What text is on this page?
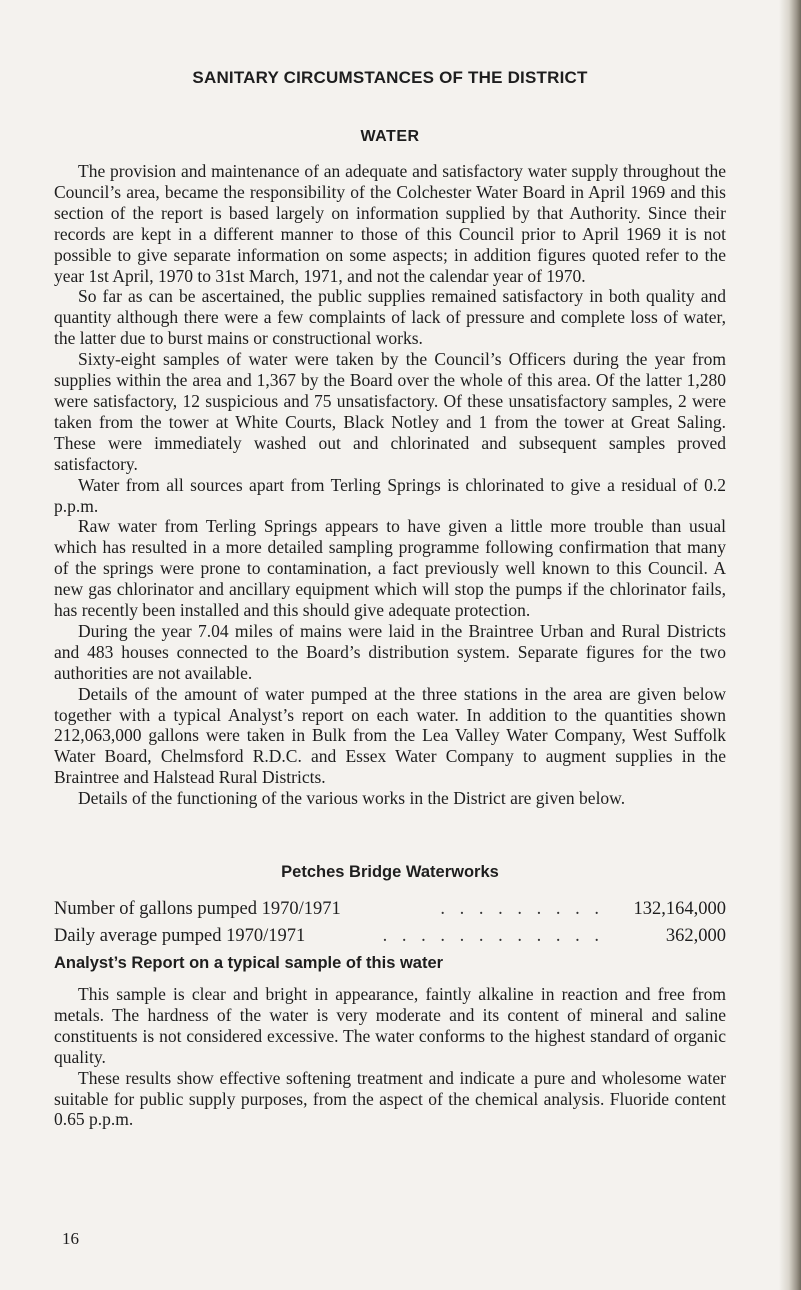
SANITARY CIRCUMSTANCES OF THE DISTRICT
WATER

The provision and maintenance of an adequate and satisfactory water supply throughout the Council’s area, became the responsibility of the Colchester Water Board in April 1969 and this section of the report is based largely on information supplied by that Authority. Since their records are kept in a different manner to those of this Council prior to April 1969 it is not possible to give separate information on some aspects; in addition figures quoted refer to the year 1st April, 1970 to 31st March, 1971, and not the calendar year of 1970.

So far as can be ascertained, the public supplies remained satisfactory in both quality and quantity although there were a few complaints of lack of pressure and complete loss of water, the latter due to burst mains or constructional works.

Sixty-eight samples of water were taken by the Council’s Officers during the year from supplies within the area and 1,367 by the Board over the whole of this area. Of the latter 1,280 were satisfactory, 12 suspicious and 75 unsatisfactory. Of these unsatisfactory samples, 2 were taken from the tower at White Courts, Black Notley and 1 from the tower at Great Saling. These were immediately washed out and chlorinated and subsequent samples proved satisfactory.

Water from all sources apart from Terling Springs is chlorinated to give a residual of 0.2 p.p.m.

Raw water from Terling Springs appears to have given a little more trouble than usual which has resulted in a more detailed sampling programme following confirmation that many of the springs were prone to contamination, a fact previously well known to this Council. A new gas chlorinator and ancillary equipment which will stop the pumps if the chlorinator fails, has recently been installed and this should give adequate protection.

During the year 7.04 miles of mains were laid in the Braintree Urban and Rural Districts and 483 houses connected to the Board’s distribution system. Separate figures for the two authorities are not available.

Details of the amount of water pumped at the three stations in the area are given below together with a typical Analyst’s report on each water. In addition to the quantities shown 212,063,000 gallons were taken in Bulk from the Lea Valley Water Company, West Suffolk Water Board, Chelmsford R.D.C. and Essex Water Company to augment supplies in the Braintree and Halstead Rural Districts.

Details of the functioning of the various works in the District are given below.

Petches Bridge Waterworks
Number of gallons pumped 1970/1971	. . . . . . . . .	132,164,000
Daily average pumped 1970/1971	. . . . . . . . . . . .	362,000
Analyst’s Report on a typical sample of this water

This sample is clear and bright in appearance, faintly alkaline in reaction and free from metals. The hardness of the water is very moderate and its content of mineral and saline constituents is not considered excessive. The water conforms to the highest standard of organic quality.

These results show effective softening treatment and indicate a pure and wholesome water suitable for public supply purposes, from the aspect of the chemical analysis. Fluoride content 0.65 p.p.m.

16
